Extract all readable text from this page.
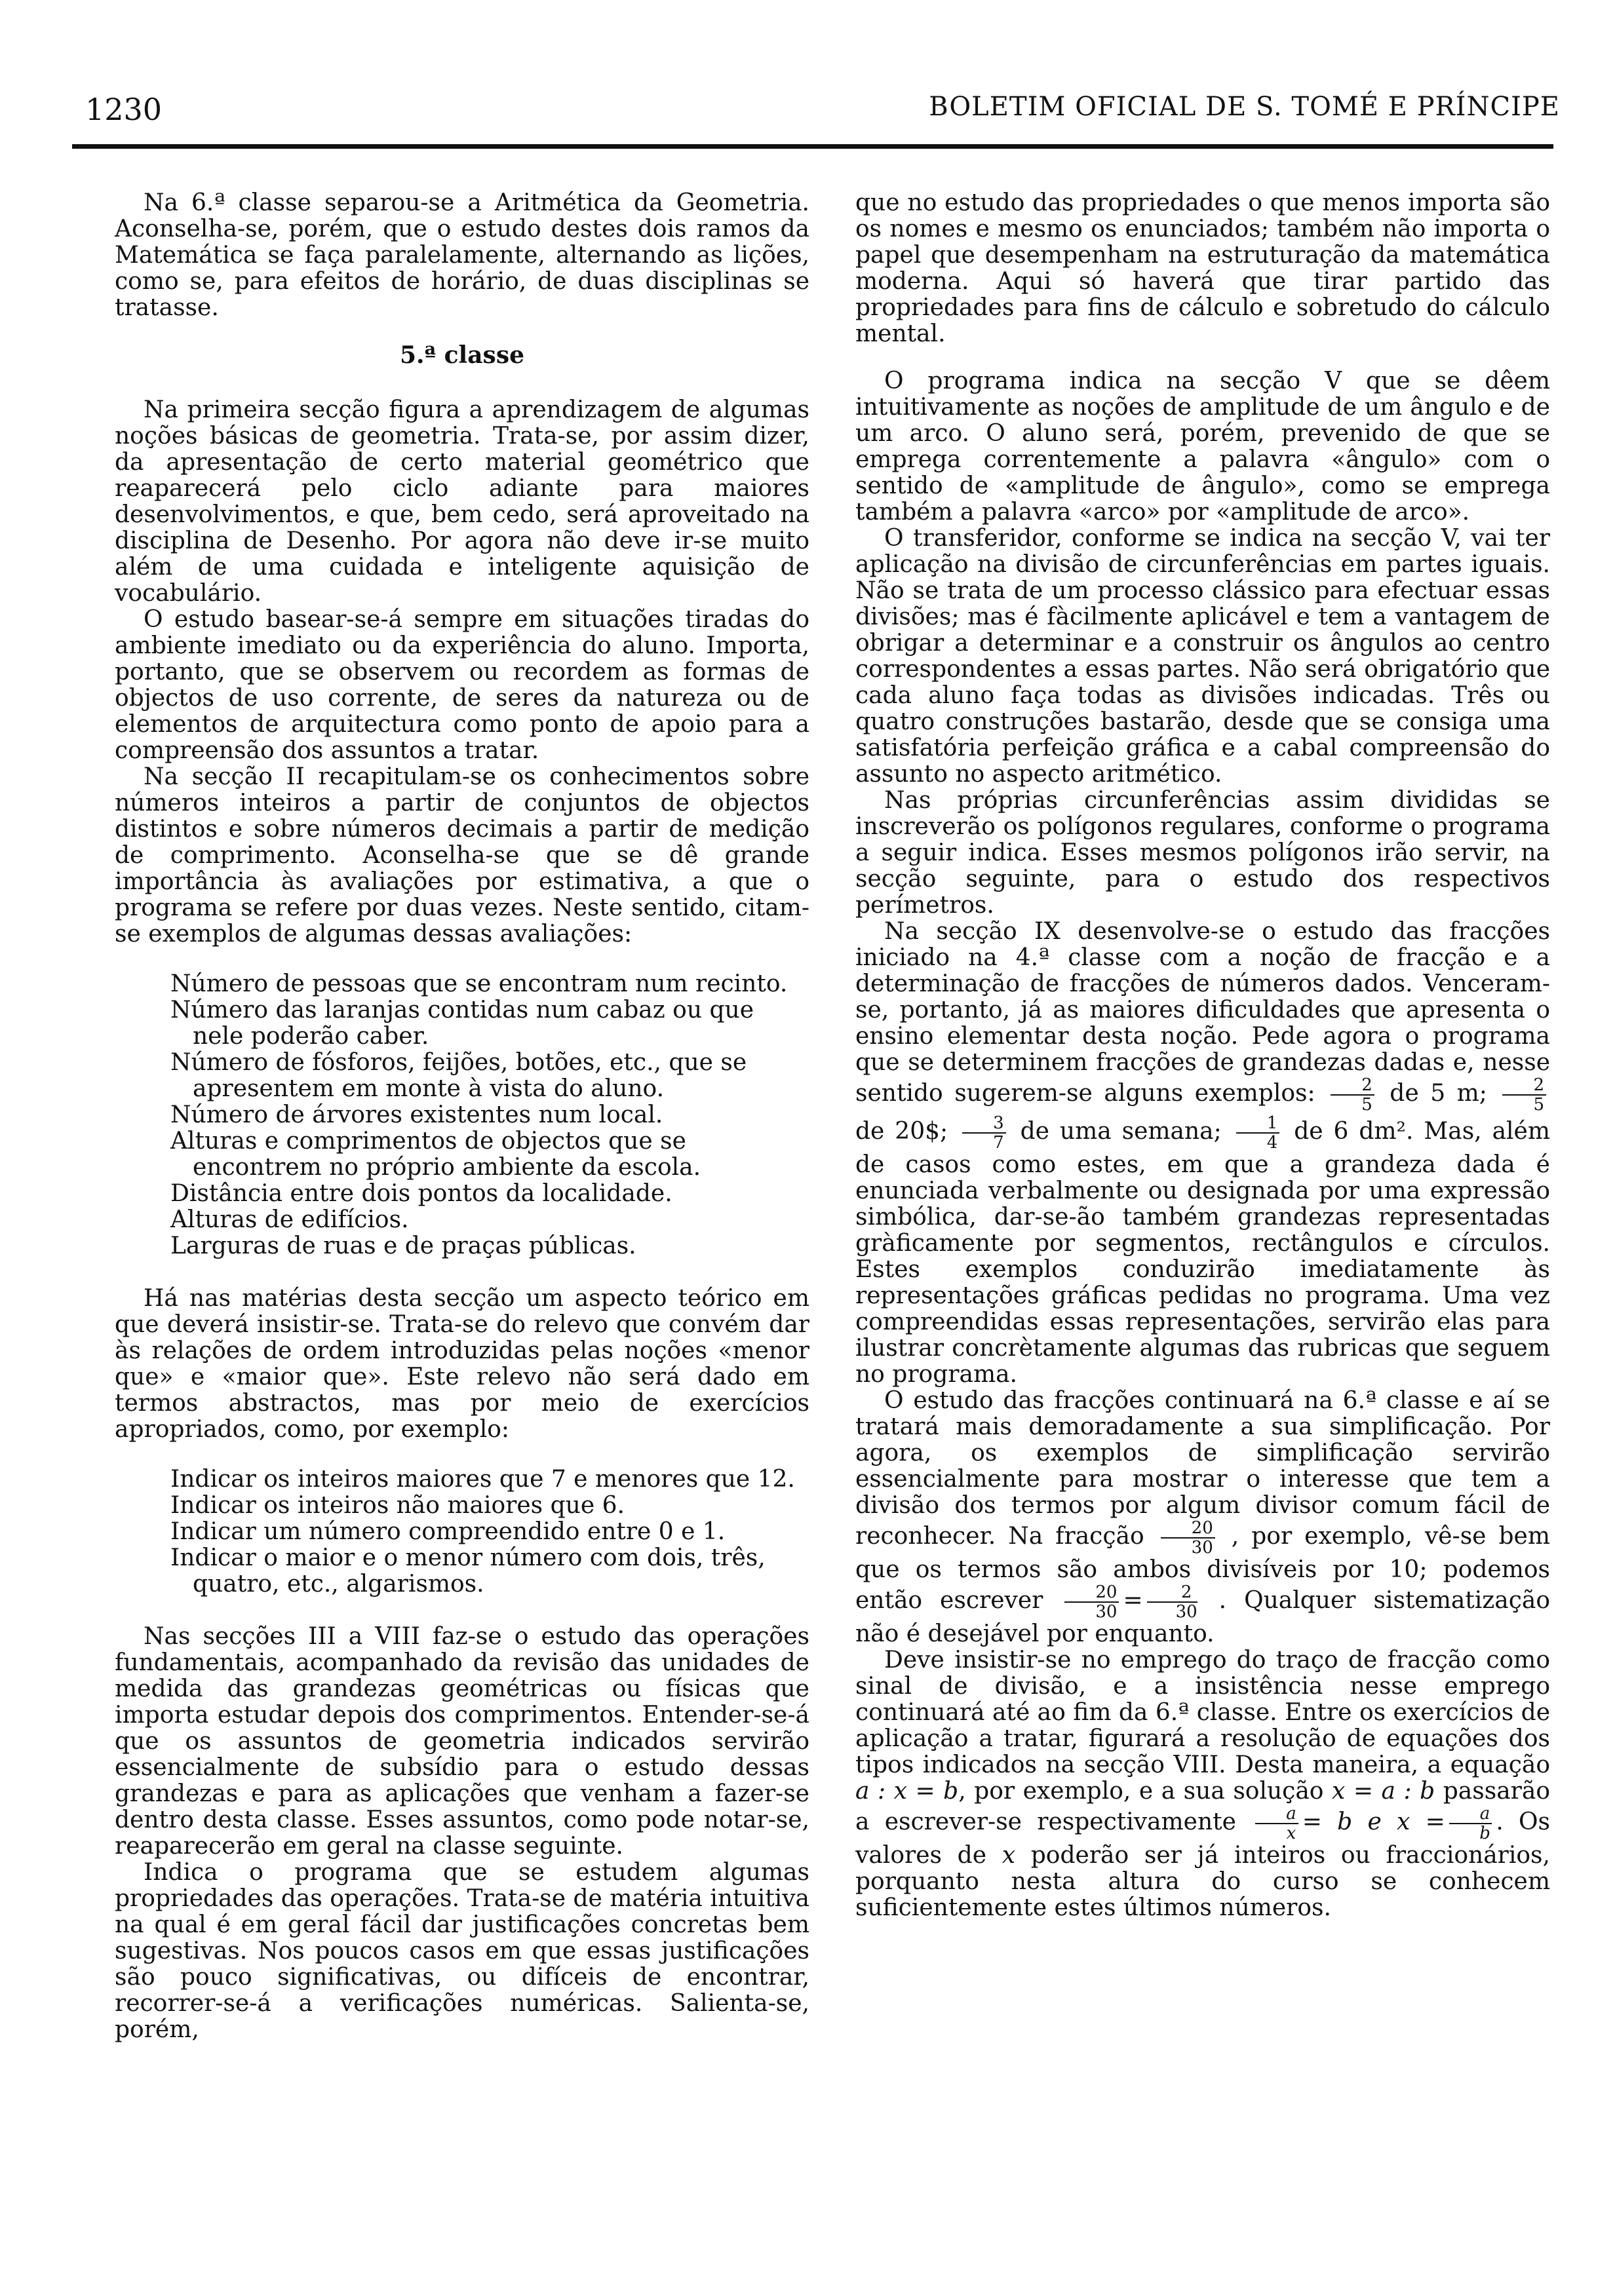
1230	BOLETIM OFICIAL DE S. TOMÉ E PRÍNCIPE

Na 6.ª classe separou-se a Aritmética da Geometria. Aconselha-se, porém, que o estudo destes dois ramos da Matemática se faça paralelamente, alternando as lições, como se, para efeitos de horário, de duas disciplinas se tratasse.

5.ª classe

Na primeira secção figura a aprendizagem de algumas noções básicas de geometria. Trata-se, por assim dizer, da apresentação de certo material geométrico que reaparecerá pelo ciclo adiante para maiores desenvolvimentos, e que, bem cedo, será aproveitado na disciplina de Desenho. Por agora não deve ir-se muito além de uma cuidada e inteligente aquisição de vocabulário.

O estudo basear-se-á sempre em situações tiradas do ambiente imediato ou da experiência do aluno. Importa, portanto, que se observem ou recordem as formas de objectos de uso corrente, de seres da natureza ou de elementos de arquitectura como ponto de apoio para a compreensão dos assuntos a tratar.

Na secção II recapitulam-se os conhecimentos sobre números inteiros a partir de conjuntos de objectos distintos e sobre números decimais a partir de medição de comprimento. Aconselha-se que se dê grande importância às avaliações por estimativa, a que o programa se refere por duas vezes. Neste sentido, citam-se exemplos de algumas dessas avaliações:

Número de pessoas que se encontram num recinto.
Número das laranjas contidas num cabaz ou que nele poderão caber.
Número de fósforos, feijões, botões, etc., que se apresentem em monte à vista do aluno.
Número de árvores existentes num local.
Alturas e comprimentos de objectos que se encontrem no próprio ambiente da escola.
Distância entre dois pontos da localidade.
Alturas de edifícios.
Larguras de ruas e de praças públicas.

Há nas matérias desta secção um aspecto teórico em que deverá insistir-se. Trata-se do relevo que convém dar às relações de ordem introduzidas pelas noções «menor que» e «maior que». Este relevo não será dado em termos abstractos, mas por meio de exercícios apropriados, como, por exemplo:

Indicar os inteiros maiores que 7 e menores que 12.
Indicar os inteiros não maiores que 6.
Indicar um número compreendido entre 0 e 1.
Indicar o maior e o menor número com dois, três, quatro, etc., algarismos.

Nas secções III a VIII faz-se o estudo das operações fundamentais, acompanhado da revisão das unidades de medida das grandezas geométricas ou físicas que importa estudar depois dos comprimentos. Entender-se-á que os assuntos de geometria indicados servirão essencialmente de subsídio para o estudo dessas grandezas e para as aplicações que venham a fazer-se dentro desta classe. Esses assuntos, como pode notar-se, reaparecerão em geral na classe seguinte.

Indica o programa que se estudem algumas propriedades das operações. Trata-se de matéria intuitiva na qual é em geral fácil dar justificações concretas bem sugestivas. Nos poucos casos em que essas justificações são pouco significativas, ou difíceis de encontrar, recorrer-se-á a verificações numéricas. Salienta-se, porém,

que no estudo das propriedades o que menos importa são os nomes e mesmo os enunciados; também não importa o papel que desempenham na estruturação da matemática moderna. Aqui só haverá que tirar partido das propriedades para fins de cálculo e sobretudo do cálculo mental.

O programa indica na secção V que se dêem intuitivamente as noções de amplitude de um ângulo e de um arco. O aluno será, porém, prevenido de que se emprega correntemente a palavra «ângulo» com o sentido de «amplitude de ângulo», como se emprega também a palavra «arco» por «amplitude de arco».

O transferidor, conforme se indica na secção V, vai ter aplicação na divisão de circunferências em partes iguais. Não se trata de um processo clássico para efectuar essas divisões; mas é fàcilmente aplicável e tem a vantagem de obrigar a determinar e a construir os ângulos ao centro correspondentes a essas partes. Não será obrigatório que cada aluno faça todas as divisões indicadas. Três ou quatro construções bastarão, desde que se consiga uma satisfatória perfeição gráfica e a cabal compreensão do assunto no aspecto aritmético.

Nas próprias circunferências assim divididas se inscreverão os polígonos regulares, conforme o programa a seguir indica. Esses mesmos polígonos irão servir, na secção seguinte, para o estudo dos respectivos perímetros.

Na secção IX desenvolve-se o estudo das fracções iniciado na 4.ª classe com a noção de fracção e a determinação de fracções de números dados. Venceram-se, portanto, já as maiores dificuldades que apresenta o ensino elementar desta noção. Pede agora o programa que se determinem fracções de grandezas dadas e, nesse sentido sugerem-se alguns exemplos: $\frac{2}{5}$ de 5 m; $\frac{2}{5}$
de 20$; $\frac{3}{7}$ de uma semana; $\frac{1}{4}$ de 6 dm². Mas, além de casos como estes, em que a grandeza dada é enunciada verbalmente ou designada por uma expressão simbólica, dar-se-ão também grandezas representadas gràficamente por segmentos, rectângulos e círculos. Estes exemplos conduzirão imediatamente às representações gráficas pedidas no programa. Uma vez compreendidas essas representações, servirão elas para ilustrar concrètamente algumas das rubricas que seguem no programa.

O estudo das fracções continuará na 6.ª classe e aí se tratará mais demoradamente a sua simplificação. Por agora, os exemplos de simplificação servirão essencialmente para mostrar o interesse que tem a divisão dos termos por algum divisor comum fácil de reconhecer. Na fracção $\frac{20}{30}$ , por exemplo, vê-se bem que os termos são ambos divisíveis por 10; podemos então escrever $\frac{20}{30} = \frac{2}{30}$ . Qualquer sistematização não é desejável por enquanto.

Deve insistir-se no emprego do traço de fracção como sinal de divisão, e a insistência nesse emprego continuará até ao fim da 6.ª classe. Entre os exercícios de aplicação a tratar, figurará a resolução de equações dos tipos indicados na secção VIII. Desta maneira, a equação a : x = b, por exemplo, e a sua solução x = a : b passarão a escrever-se respectivamente $\frac{a}{x} = b$ e $x = \frac{a}{b}$ . Os valores de x poderão ser já inteiros ou fraccionários, porquanto nesta altura do curso se conhecem suficientemente estes últimos números.
